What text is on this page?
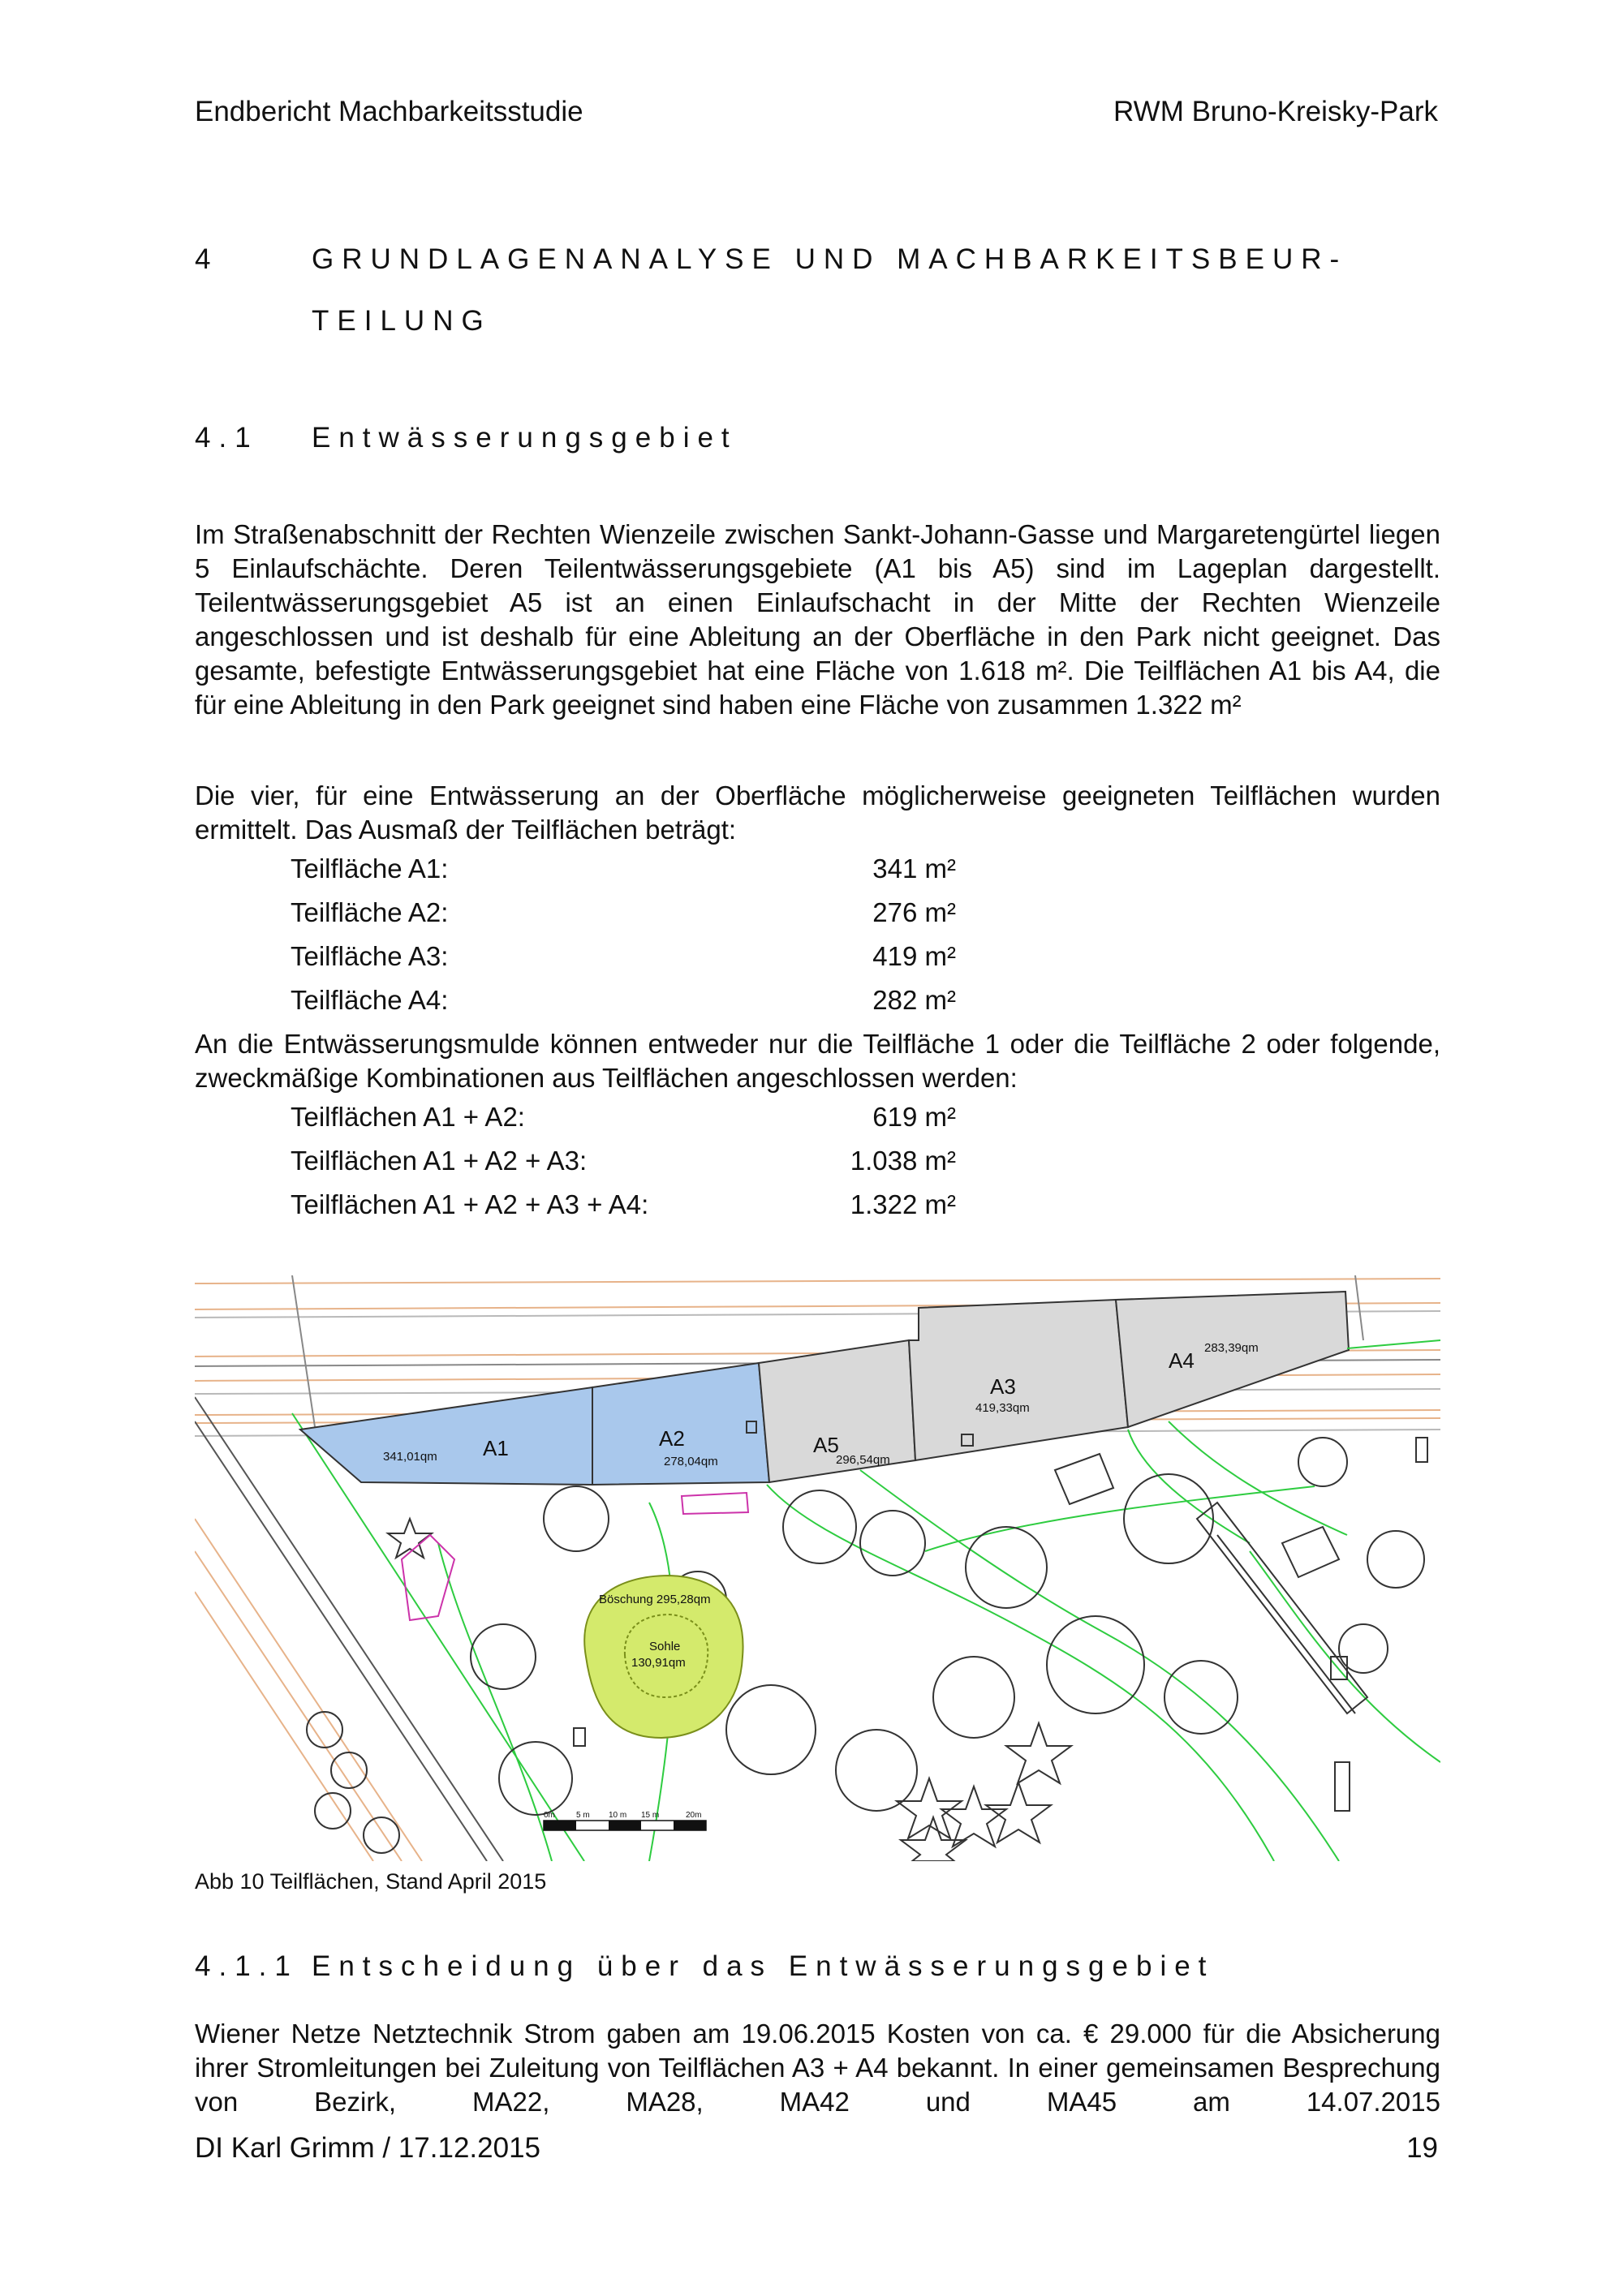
Endbericht Machbarkeitsstudie	RWM Bruno-Kreisky-Park
4	GRUNDLAGENANALYSE UND MACHBARKEITSBEUR-
TEILUNG
4.1 Entwässerungsgebiet

Im Straßenabschnitt der Rechten Wienzeile zwischen Sankt-Johann-Gasse und Margaretengürtel liegen 5 Einlaufschächte. Deren Teilentwässerungsgebiete (A1 bis A5) sind im Lageplan dargestellt. Teilentwässerungsgebiet A5 ist an einen Einlaufschacht in der Mitte der Rechten Wienzeile angeschlossen und ist deshalb für eine Ableitung an der Oberfläche in den Park nicht geeignet. Das gesamte, befestigte Entwässerungsgebiet hat eine Fläche von 1.618 m². Die Teilflächen A1 bis A4, die für eine Ableitung in den Park geeignet sind haben eine Fläche von zusammen 1.322 m²

Die vier, für eine Entwässerung an der Oberfläche möglicherweise geeigneten Teilflächen wurden ermittelt. Das Ausmaß der Teilflächen beträgt:

Teilfläche A1:	341 m²
Teilfläche A2:	276 m²
Teilfläche A3:	419 m²
Teilfläche A4:	282 m²

An die Entwässerungsmulde können entweder nur die Teilfläche 1 oder die Teilfläche 2 oder folgende, zweckmäßige Kombinationen aus Teilflächen angeschlossen werden:

Teilflächen A1 + A2:	619 m²
Teilflächen A1 + A2 + A3:	1.038 m²
Teilflächen A1 + A2 + A3 + A4:	1.322 m²
A1
341,01qm
A2
278,04qm
A5
296,54qm
A3
419,33qm
A4
283,39qm
Böschung 295,28qm
Sohle
130,91qm
0m	5 m 10 m 15 m	20m
Abb 10 Teilflächen, Stand April 2015
4.1.1 Entscheidung über das Entwässerungsgebiet

Wiener Netze Netztechnik Strom gaben am 19.06.2015 Kosten von ca. € 29.000 für die Absicherung ihrer Stromleitungen bei Zuleitung von Teilflächen A3 + A4 bekannt. In einer gemeinsamen Besprechung von Bezirk, MA22, MA28, MA42 und MA45 am 14.07.2015

DI Karl Grimm / 17.12.2015	19
